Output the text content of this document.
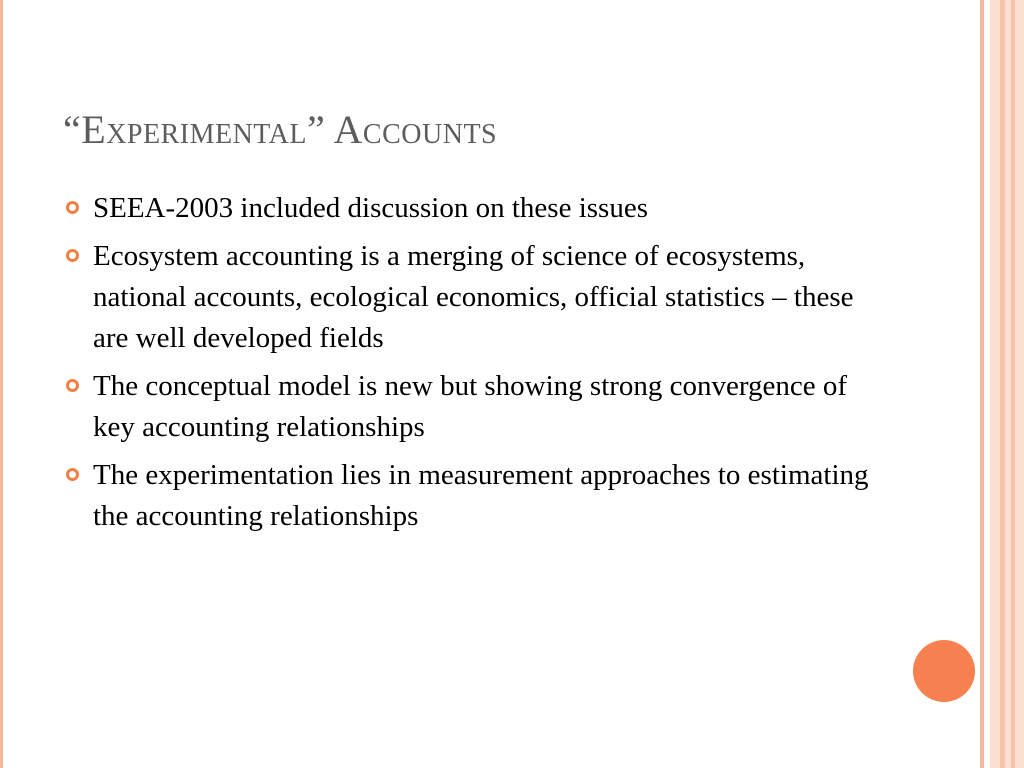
“Experimental” Accounts
SEEA-2003 included discussion on these issues
Ecosystem accounting is a merging of science of ecosystems, national accounts, ecological economics, official statistics – these are well developed fields
The conceptual model is new but showing strong convergence of key accounting relationships
The experimentation lies in measurement approaches to estimating the accounting relationships
